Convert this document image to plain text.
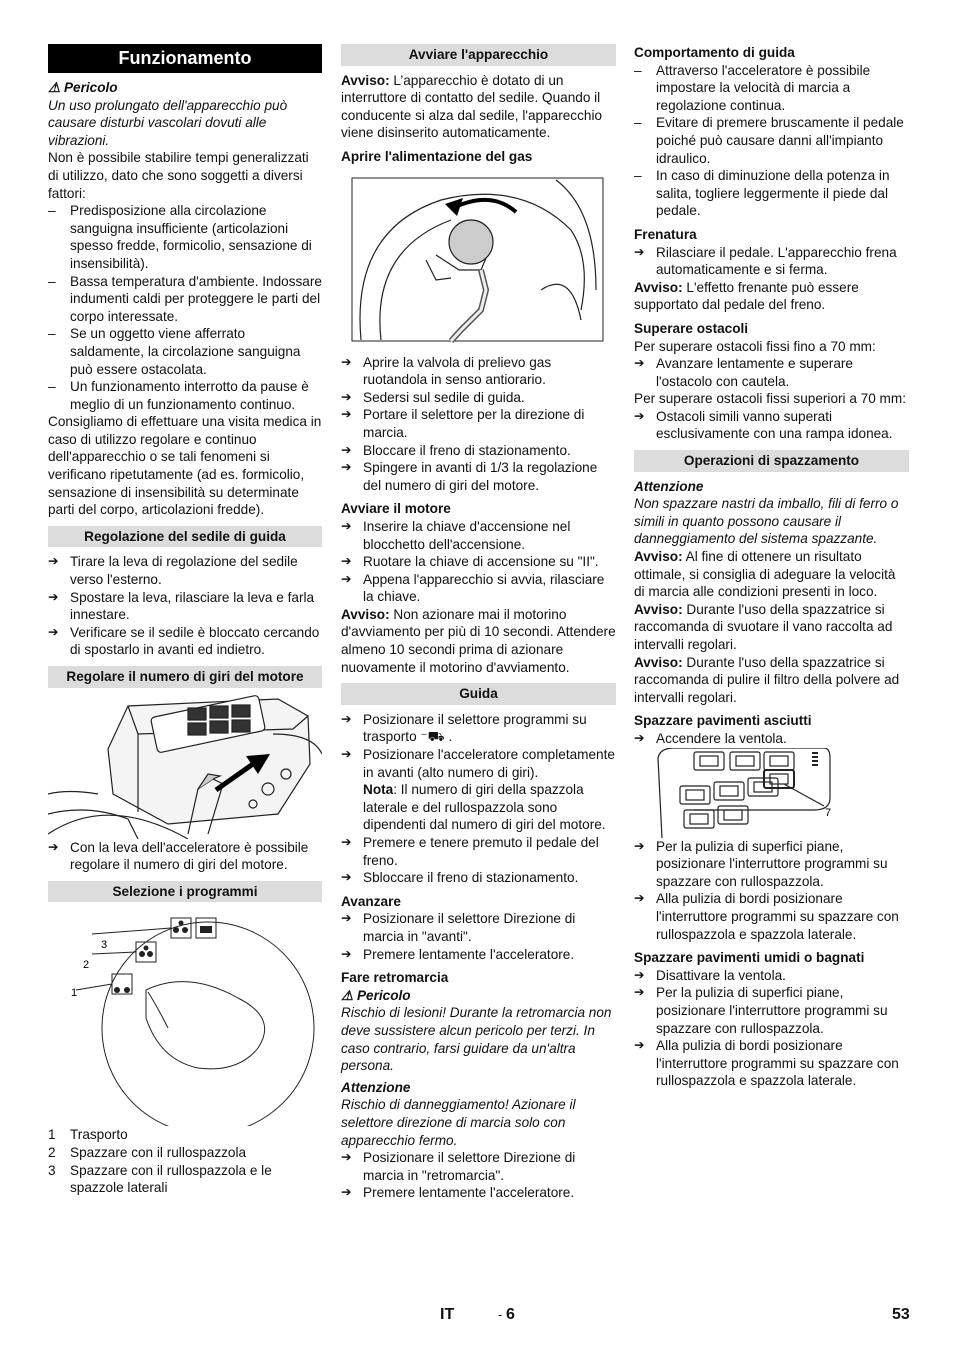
Funzionamento

⚠ Pericolo

Un uso prolungato dell'apparecchio può causare disturbi vascolari dovuti alle vibrazioni.

Non è possibile stabilire tempi generalizzati di utilizzo, dato che sono soggetti a diversi fattori:

– Predisposizione alla circolazione sanguigna insufficiente (articolazioni spesso fredde, formicolio, sensazione di insensibilità).
– Bassa temperatura d'ambiente. Indossare indumenti caldi per proteggere le parti del corpo interessate.
– Se un oggetto viene afferrato saldamente, la circolazione sanguigna può essere ostacolata.
– Un funzionamento interrotto da pause è meglio di un funzionamento continuo.

Consigliamo di effettuare una visita medica in caso di utilizzo regolare e continuo dell'apparecchio o se tali fenomeni si verificano ripetutamente (ad es. formicolio, sensazione di insensibilità su determinate parti del corpo, articolazioni fredde).

Regolazione del sedile di guida
➔ Tirare la leva di regolazione del sedile verso l'esterno.
➔ Spostare la leva, rilasciare la leva e farla innestare.
➔ Verificare se il sedile è bloccato cercando di spostarlo in avanti ed indietro.
Regolare il numero di giri del motore
➔ Con la leva dell'acceleratore è possibile regolare il numero di giri del motore.
Selezione i programmi
3
2
1
1 Trasporto
2 Spazzare con il rullospazzola
3 Spazzare con il rullospazzola e le spazzole laterali
Avviare l'apparecchio

Avviso: L’apparecchio è dotato di un interruttore di contatto del sedile. Quando il conducente si alza dal sedile, l'apparecchio viene disinserito automaticamente.

Aprire l'alimentazione del gas
➔ Aprire la valvola di prelievo gas ruotandola in senso antiorario.
➔ Sedersi sul sedile di guida.
➔ Portare il selettore per la direzione di marcia.
➔ Bloccare il freno di stazionamento.
➔ Spingere in avanti di 1/3 la regolazione del numero di giri del motore.
Avviare il motore
➔ Inserire la chiave d'accensione nel blocchetto dell'accensione.
➔ Ruotare la chiave di accensione su "II".
➔ Appena l'apparecchio si avvia, rilasciare la chiave.

Avviso: Non azionare mai il motorino d'avviamento per più di 10 secondi. Attendere almeno 10 secondi prima di azionare nuovamente il motorino d'avviamento.

Guida
➔ Posizionare il selettore programmi su trasporto ⁻⛟ .
➔ Posizionare l'acceleratore completamente in avanti (alto numero di giri).
Nota: Il numero di giri della spazzola laterale e del rullospazzola sono dipendenti dal numero di giri del motore.
➔ Premere e tenere premuto il pedale del freno.
➔ Sbloccare il freno di stazionamento.
Avanzare
➔ Posizionare il selettore Direzione di marcia in "avanti".
➔ Premere lentamente l'acceleratore.
Fare retromarcia

⚠ Pericolo

Rischio di lesioni! Durante la retromarcia non deve sussistere alcun pericolo per terzi. In caso contrario, farsi guidare da un'altra persona.

Attenzione

Rischio di danneggiamento! Azionare il selettore direzione di marcia solo con apparecchio fermo.

➔ Posizionare il selettore Direzione di marcia in "retromarcia".
➔ Premere lentamente l'acceleratore.
Comportamento di guida
– Attraverso l'acceleratore è possibile impostare la velocità di marcia a regolazione continua.
– Evitare di premere bruscamente il pedale poiché può causare danni all'impianto idraulico.
– In caso di diminuzione della potenza in salita, togliere leggermente il piede dal pedale.
Frenatura
➔ Rilasciare il pedale. L'apparecchio frena automaticamente e si ferma.

Avviso: L'effetto frenante può essere supportato dal pedale del freno.

Superare ostacoli

Per superare ostacoli fissi fino a 70 mm:

➔ Avanzare lentamente e superare l'ostacolo con cautela.

Per superare ostacoli fissi superiori a 70 mm:

➔ Ostacoli simili vanno superati esclusivamente con una rampa idonea.
Operazioni di spazzamento

Attenzione

Non spazzare nastri da imballo, fili di ferro o simili in quanto possono causare il danneggiamento del sistema spazzante.

Avviso: Al fine di ottenere un risultato ottimale, si consiglia di adeguare la velocità di marcia alle condizioni presenti in loco.

Avviso: Durante l'uso della spazzatrice si raccomanda di svuotare il vano raccolta ad intervalli regolari.

Avviso: Durante l'uso della spazzatrice si raccomanda di pulire il filtro della polvere ad intervalli regolari.

Spazzare pavimenti asciutti
➔ Accendere la ventola.
7
➔ Per la pulizia di superfici piane, posizionare l'interruttore programmi su spazzare con rullospazzola.
➔ Alla pulizia di bordi posizionare l'interruttore programmi su spazzare con rullospazzola e spazzola laterale.
Spazzare pavimenti umidi o bagnati
➔ Disattivare la ventola.
➔ Per la pulizia di superfici piane, posizionare l'interruttore programmi su spazzare con rullospazzola.
➔ Alla pulizia di bordi posizionare l'interruttore programmi su spazzare con rullospazzola e spazzola laterale.
IT	- 6	53
